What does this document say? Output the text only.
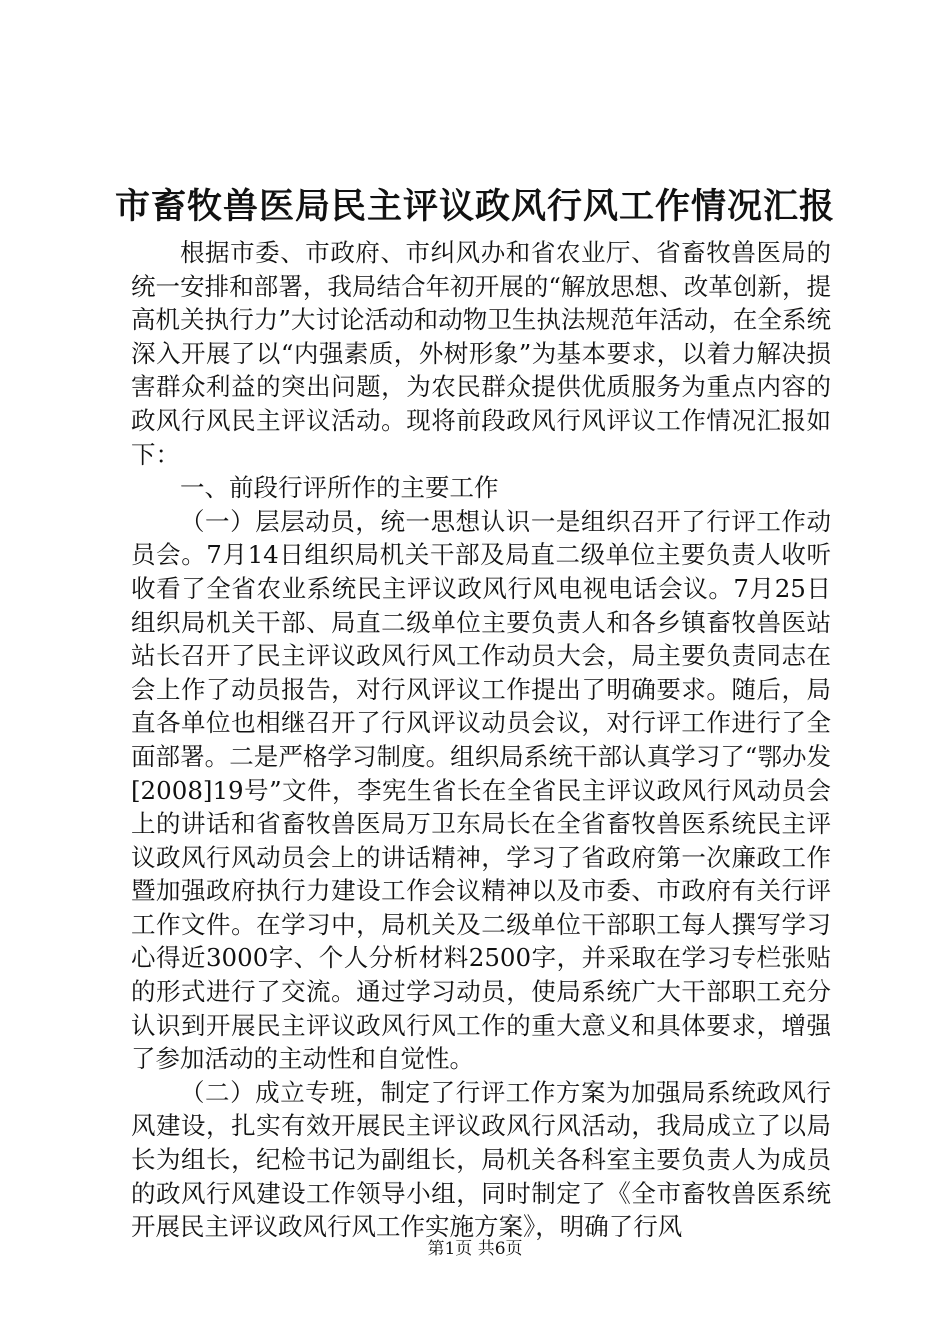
市畜牧兽医局民主评议政风行风工作情况汇报

根据市委、市政府、市纠风办和省农业厅、省畜牧兽医局的统一安排和部署，我局结合年初开展的“解放思想、改革创新，提高机关执行力”大讨论活动和动物卫生执法规范年活动，在全系统深入开展了以“内强素质，外树形象”为基本要求，以着力解决损害群众利益的突出问题，为农民群众提供优质服务为重点内容的政风行风民主评议活动。现将前段政风行风评议工作情况汇报如下：

一、前段行评所作的主要工作

（一）层层动员，统一思想认识一是组织召开了行评工作动员会。7月14日组织局机关干部及局直二级单位主要负责人收听收看了全省农业系统民主评议政风行风电视电话会议。7月25日组织局机关干部、局直二级单位主要负责人和各乡镇畜牧兽医站站长召开了民主评议政风行风工作动员大会，局主要负责同志在会上作了动员报告，对行风评议工作提出了明确要求。随后，局直各单位也相继召开了行风评议动员会议，对行评工作进行了全面部署。二是严格学习制度。组织局系统干部认真学习了“鄂办发[2008]19号”文件，李宪生省长在全省民主评议政风行风动员会上的讲话和省畜牧兽医局万卫东局长在全省畜牧兽医系统民主评议政风行风动员会上的讲话精神，学习了省政府第一次廉政工作暨加强政府执行力建设工作会议精神以及市委、市政府有关行评工作文件。在学习中，局机关及二级单位干部职工每人撰写学习心得近3000字、个人分析材料2500字，并采取在学习专栏张贴的形式进行了交流。通过学习动员，使局系统广大干部职工充分认识到开展民主评议政风行风工作的重大意义和具体要求，增强了参加活动的主动性和自觉性。

（二）成立专班，制定了行评工作方案为加强局系统政风行风建设，扎实有效开展民主评议政风行风活动，我局成立了以局长为组长，纪检书记为副组长，局机关各科室主要负责人为成员的政风行风建设工作领导小组，同时制定了《全市畜牧兽医系统开展民主评议政风行风工作实施方案》，明确了行风

第1页 共6页
